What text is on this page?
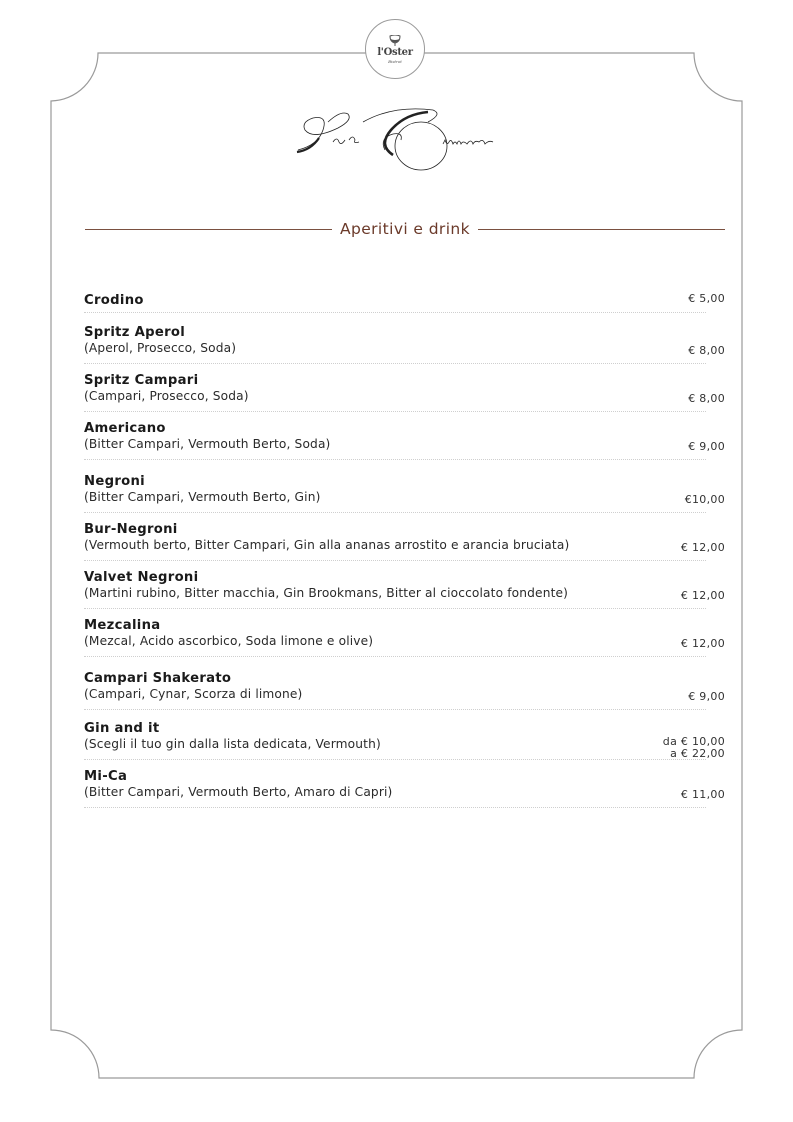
l'Oster
Bistrot
Aperitivi e drink
Crodino	€ 5,00
Spritz Aperol
(Aperol, Prosecco, Soda)	€ 8,00
Spritz Campari
(Campari, Prosecco, Soda)	€ 8,00
Americano
(Bitter Campari, Vermouth Berto, Soda)	€ 9,00
Negroni
(Bitter Campari, Vermouth Berto, Gin)	€10,00
Bur-Negroni
(Vermouth berto, Bitter Campari, Gin alla ananas arrostito e arancia bruciata)	€ 12,00
Valvet Negroni
(Martini rubino, Bitter macchia, Gin Brookmans, Bitter al cioccolato fondente)	€ 12,00
Mezcalina
(Mezcal, Acido ascorbico, Soda limone e olive)	€ 12,00
Campari Shakerato
(Campari, Cynar, Scorza di limone)	€ 9,00
Gin and it
(Scegli il tuo gin dalla lista dedicata, Vermouth)	da € 10,00
a € 22,00
Mi-Ca
(Bitter Campari, Vermouth Berto, Amaro di Capri)	€ 11,00
